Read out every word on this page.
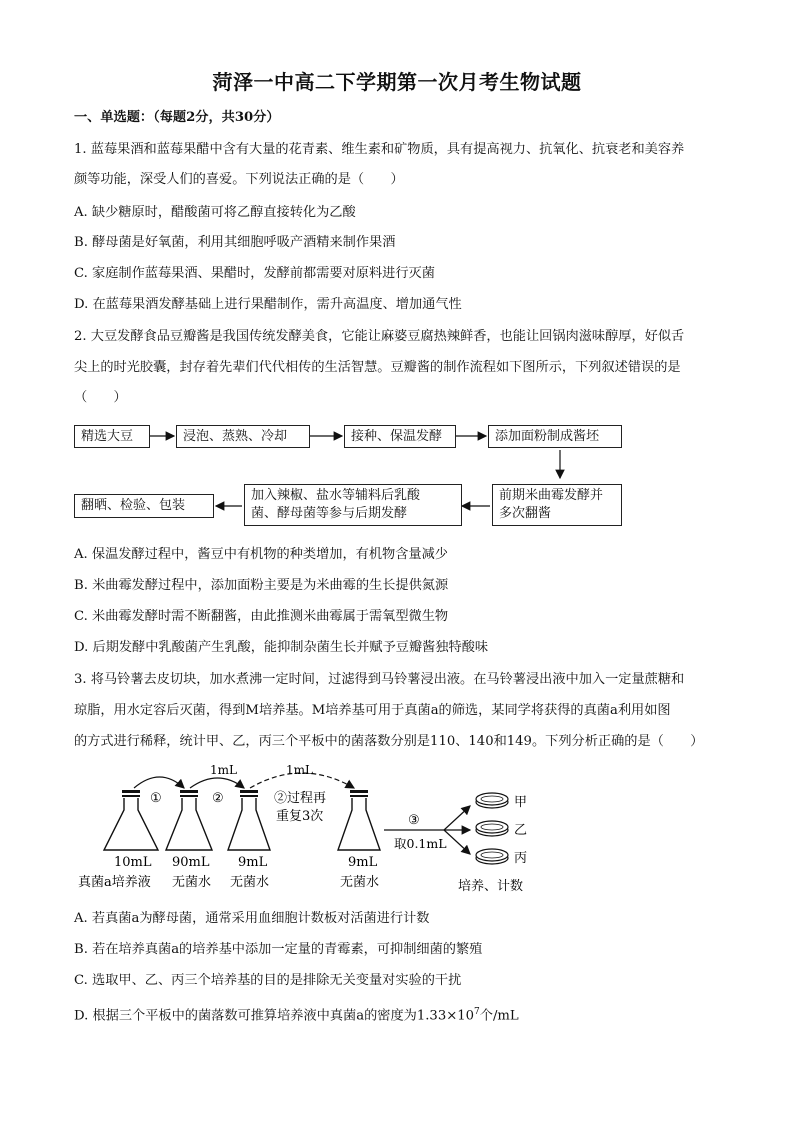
菏泽一中高二下学期第一次月考生物试题
一、单选题：（每题2分，共30分）
1. 蓝莓果酒和蓝莓果醋中含有大量的花青素、维生素和矿物质，具有提高视力、抗氧化、抗衰老和美容养
颜等功能，深受人们的喜爱。下列说法正确的是（　　）
A. 缺少糖原时，醋酸菌可将乙醇直接转化为乙酸
B. 酵母菌是好氧菌，利用其细胞呼吸产酒精来制作果酒
C. 家庭制作蓝莓果酒、果醋时，发酵前都需要对原料进行灭菌
D. 在蓝莓果酒发酵基础上进行果醋制作，需升高温度、增加通气性
2. 大豆发酵食品豆瓣酱是我国传统发酵美食，它能让麻婆豆腐热辣鲜香，也能让回锅肉滋味醇厚，好似舌
尖上的时光胶囊，封存着先辈们代代相传的生活智慧。豆瓣酱的制作流程如下图所示，下列叙述错误的是
（　　）
精选大豆	浸泡、蒸熟、冷却	接种、保温发酵	添加面粉制成酱坯
前期米曲霉发酵并
多次翻酱
加入辣椒、盐水等辅料后乳酸
菌、酵母菌等参与后期发酵
翻晒、检验、包装
A. 保温发酵过程中，酱豆中有机物的种类增加，有机物含量减少
B. 米曲霉发酵过程中，添加面粉主要是为米曲霉的生长提供氮源
C. 米曲霉发酵时需不断翻酱，由此推测米曲霉属于需氧型微生物
D. 后期发酵中乳酸菌产生乳酸，能抑制杂菌生长并赋予豆瓣酱独特酸味
3. 将马铃薯去皮切块，加水煮沸一定时间，过滤得到马铃薯浸出液。在马铃薯浸出液中加入一定量蔗糖和
琼脂，用水定容后灭菌，得到M培养基。M培养基可用于真菌a的筛选，某同学将获得的真菌a利用如图
的方式进行稀释，统计甲、乙，丙三个平板中的菌落数分别是110、140和149。下列分析正确的是（　　）
①	②
1mL	1mL
②过程再
重复3次	③
取0.1mL
甲
乙
丙
10mL 90mL 9mL	9mL
真菌a培养液 无菌水 无菌水	无菌水	培养、计数
A. 若真菌a为酵母菌，通常采用血细胞计数板对活菌进行计数
B. 若在培养真菌a的培养基中添加一定量的青霉素，可抑制细菌的繁殖
C. 选取甲、乙、丙三个培养基的目的是排除无关变量对实验的干扰
D. 根据三个平板中的菌落数可推算培养液中真菌a的密度为$1.33\times 10^7$个/mL
